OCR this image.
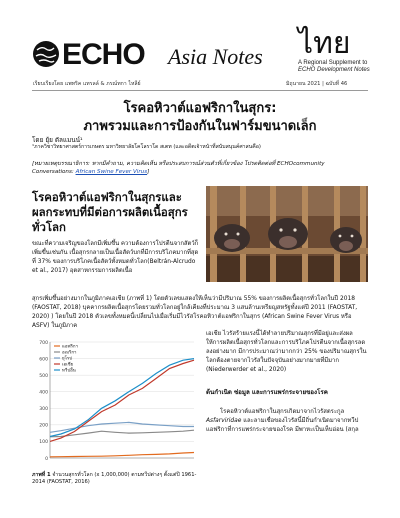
ECHO Asia Notes ไทย
A Regional Supplement to
ECHO Development Notes
เรียบเรียงโดย แพทริค แทรลล์ & ภรณ์ทกา ไหลีย์	มิถุนายน 2021 | ฉบับที่ 46
โรคอหิวาต์แอฟริกาในสุกร:
ภาพรวมและการป้องกันในฟาร์มขนาดเล็ก
โดย ยุ้ย ตัลแมนน์¹
¹ภาควิชาวิทยาศาสตร์การเกษตร มหาวิทยาลัยโคโลราโด สเตท (และอดีตเจ้าหน้าที่สนับสนุนค์ศาสนคือ)
[หมายเหตุบรรณาธิการ: หากมีคำถาม, ความคิดเห็น หรือประสบการณ์ส่วนตัวที่เกี่ยวข้อง โปรดติดต่อที่ ECHOcommunity Conversations: African Swine Fever Virus]
โรคอหิวาต์แอฟริกาในสุกรและผลกระทบที่มีต่อการผลิตเนื้อสุกรทั่วโลก
ขณะที่ความเจริญของโลกมีเพิ่มขึ้น ความต้องการโปรตีนจากสัตว์ก็เพิ่มขึ้นเช่นกัน เนื้อสุกรกลายเป็นเนื้อสัตว์บกที่มีการบริโภคมากที่สุดที่ 37% ของการบริโภคเนื้อสัตว์ทั้งหมดทั่วโลก(Beltrán-Alcrudo et al., 2017) อุตสาหกรรมการผลิตเนื้อ
สุกรเพิ่มขึ้นอย่างมากในภูมิภาคเอเชีย (ภาพที่ 1) โดยตัวเลขแสดงให้เห็นว่ามีปริมาณ 55% ของการผลิตเนื้อสุกรทั่วโลกในปี 2018 (FAOSTAT, 2018) บุคคากรผลิตเนื้อสุกรโดยรวมทั่วโลกอยู่ใกล้เคียงที่ประมาณ 3 แสนล้านเหรียญสหรัฐทั้งแต่ปี 2011 (FAOSTAT, 2020) ) โดยในปี 2018 ตัวเลขทั้งหมดนี้เปลี่ยนไปเมื่อเริ่มมีไวรัสโรคอหิวาต์แอฟริกาในสุกร (African Swine Fever Virus หรือ ASFV) ในภูมิภาค
0
100
200
300
400
500
600
700
แอฟริกา
อเมริกา
ยุโรป
เอเชีย
ทวีปอื่น
ภาพที่ 1 จำนวนสุกรทั่วโลก (x 1,000,000) ตามทวีปต่างๆ ตั้งแต่ปี 1961-2014 (FAOSTAT, 2016)
เอเชีย ไวรัสร้ายแรงนี้ได้ทำลายปริมาณสุกรที่มีอยู่และส่งผลให้การผลิตเนื้อสุกรทั่วโลกและการบริโภคโปรตีนจากเนื้อสุกรลดลงอย่างมาก มีการประมาณว่ามากกว่า 25% ของปริมาณสุกรในโลกต้องตายจากไวรัสในปัจจุบันอย่างมากมายที่มีมาก (Niederwerder et al., 2020)
ต้นกำเนิด ซ่อมูล และการแพร่กระจายของโรค
โรคอหิวาต์แอฟริกาในสุกรเกิดมาจากไวรัสตระกูล Asfarviridae และลามเชื่อของไวรัสนี้มีถิ่นกำเนิดมาจากทวีปแอฟริกาที่การแพร่กระจายของโรค มีพาหะเป็นเห็บอ่อน (สกุล
